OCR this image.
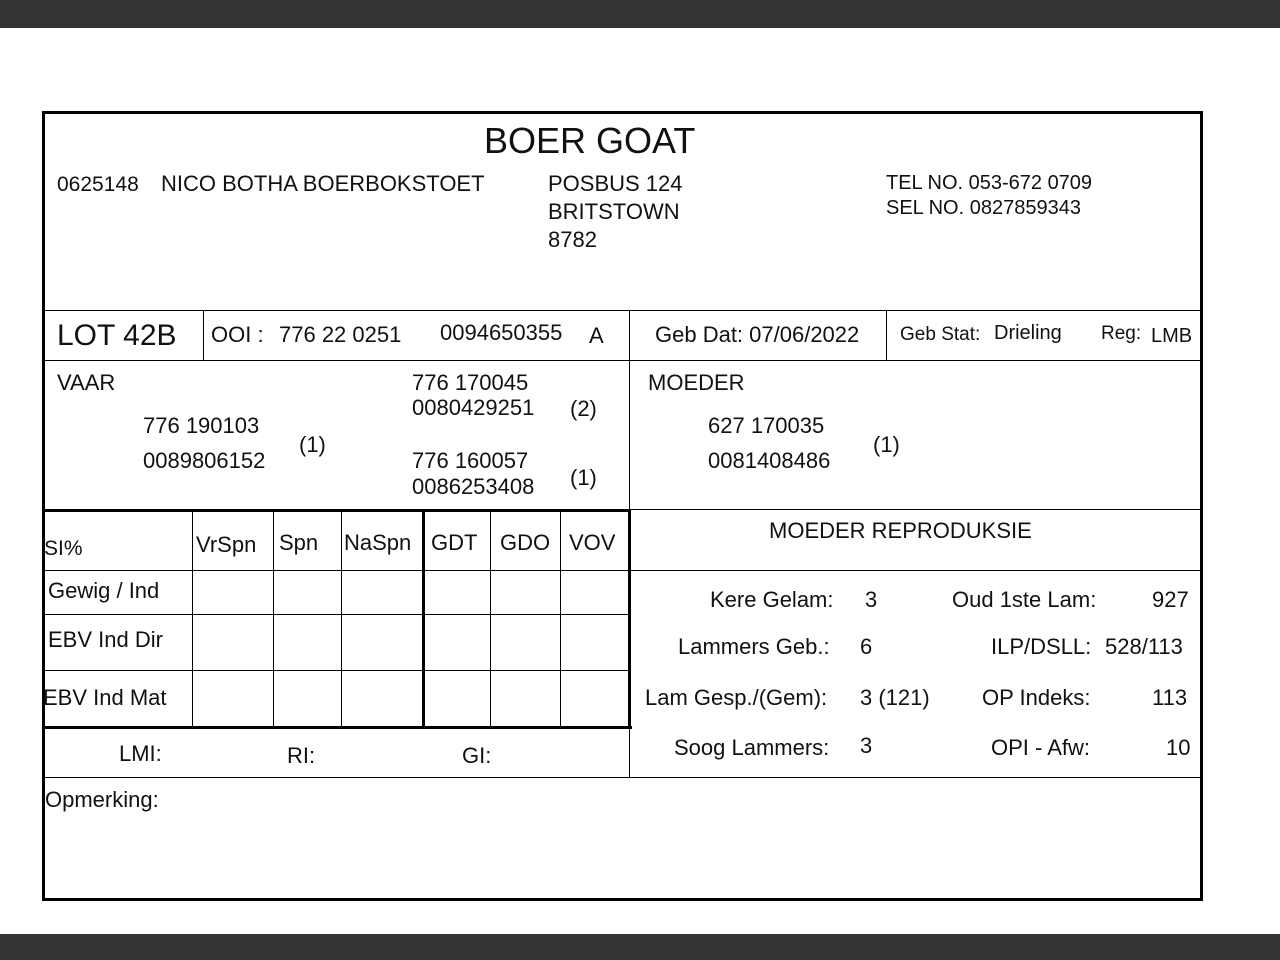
BOER GOAT
0625148 NICO BOTHA BOERBOKSTOET	POSBUS 124
BRITSTOWN
8782
TEL NO. 053-672 0709
SEL NO. 0827859343
LOT 42B OOI : 776 22 0251 0094650355 A Geb Dat: 07/06/2022 Geb Stat: Drieling Reg: LMB
VAAR
776 190103
0089806152
(1)
776 170045
0080429251 (2)
776 160057
0086253408 (1)
MOEDER
627 170035
0081408486
(1)
SI%	VrSpn Spn NaSpn GDT GDO VOV
Gewig / Ind
EBV Ind Dir
EBV Ind Mat
LMI:	RI:	GI:
MOEDER REPRODUKSIE
Kere Gelam: 3	Oud 1ste Lam:	927
Lammers Geb.: 6	ILP/DSLL: 528/113
Lam Gesp./(Gem): 3 (121) OP Indeks:	113
Soog Lammers: 3	OPI - Afw:	10
Opmerking:
